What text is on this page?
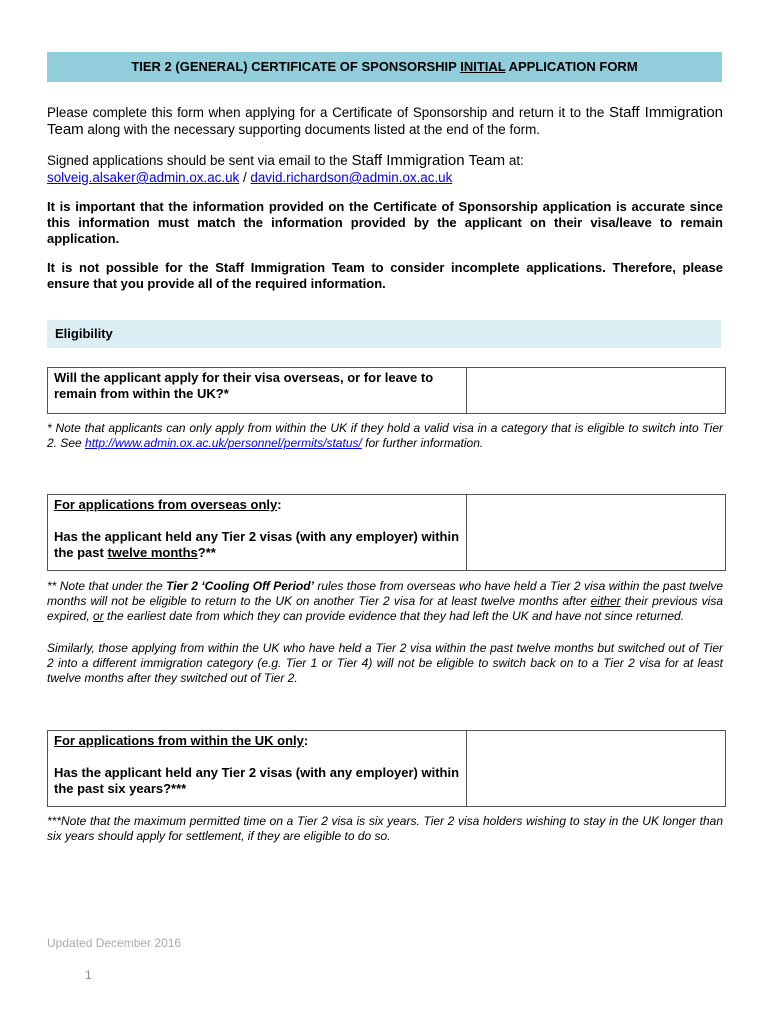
TIER 2 (GENERAL) CERTIFICATE OF SPONSORSHIP INITIAL APPLICATION FORM

Please complete this form when applying for a Certificate of Sponsorship and return it to the Staff Immigration Team along with the necessary supporting documents listed at the end of the form.

Signed applications should be sent via email to the Staff Immigration Team at:
solveig.alsaker@admin.ox.ac.uk / david.richardson@admin.ox.ac.uk

It is important that the information provided on the Certificate of Sponsorship application is accurate since this information must match the information provided by the applicant on their visa/leave to remain application.

It is not possible for the Staff Immigration Team to consider incomplete applications. Therefore, please ensure that you provide all of the required information.

Eligibility
Will the applicant apply for their visa overseas, or for leave to remain from within the UK?*	

* Note that applicants can only apply from within the UK if they hold a valid visa in a category that is eligible to switch into Tier 2. See http://www.admin.ox.ac.uk/personnel/permits/status/ for further information.

For applications from overseas only:

Has the applicant held any Tier 2 visas (with any employer) within the past twelve months?**	

** Note that under the Tier 2 ‘Cooling Off Period’ rules those from overseas who have held a Tier 2 visa within the past twelve months will not be eligible to return to the UK on another Tier 2 visa for at least twelve months after either their previous visa expired, or the earliest date from which they can provide evidence that they had left the UK and have not since returned.

Similarly, those applying from within the UK who have held a Tier 2 visa within the past twelve months but switched out of Tier 2 into a different immigration category (e.g. Tier 1 or Tier 4) will not be eligible to switch back on to a Tier 2 visa for at least twelve months after they switched out of Tier 2.

For applications from within the UK only:

Has the applicant held any Tier 2 visas (with any employer) within the past six years?***	

***Note that the maximum permitted time on a Tier 2 visa is six years. Tier 2 visa holders wishing to stay in the UK longer than six years should apply for settlement, if they are eligible to do so.

Updated December 2016
1
